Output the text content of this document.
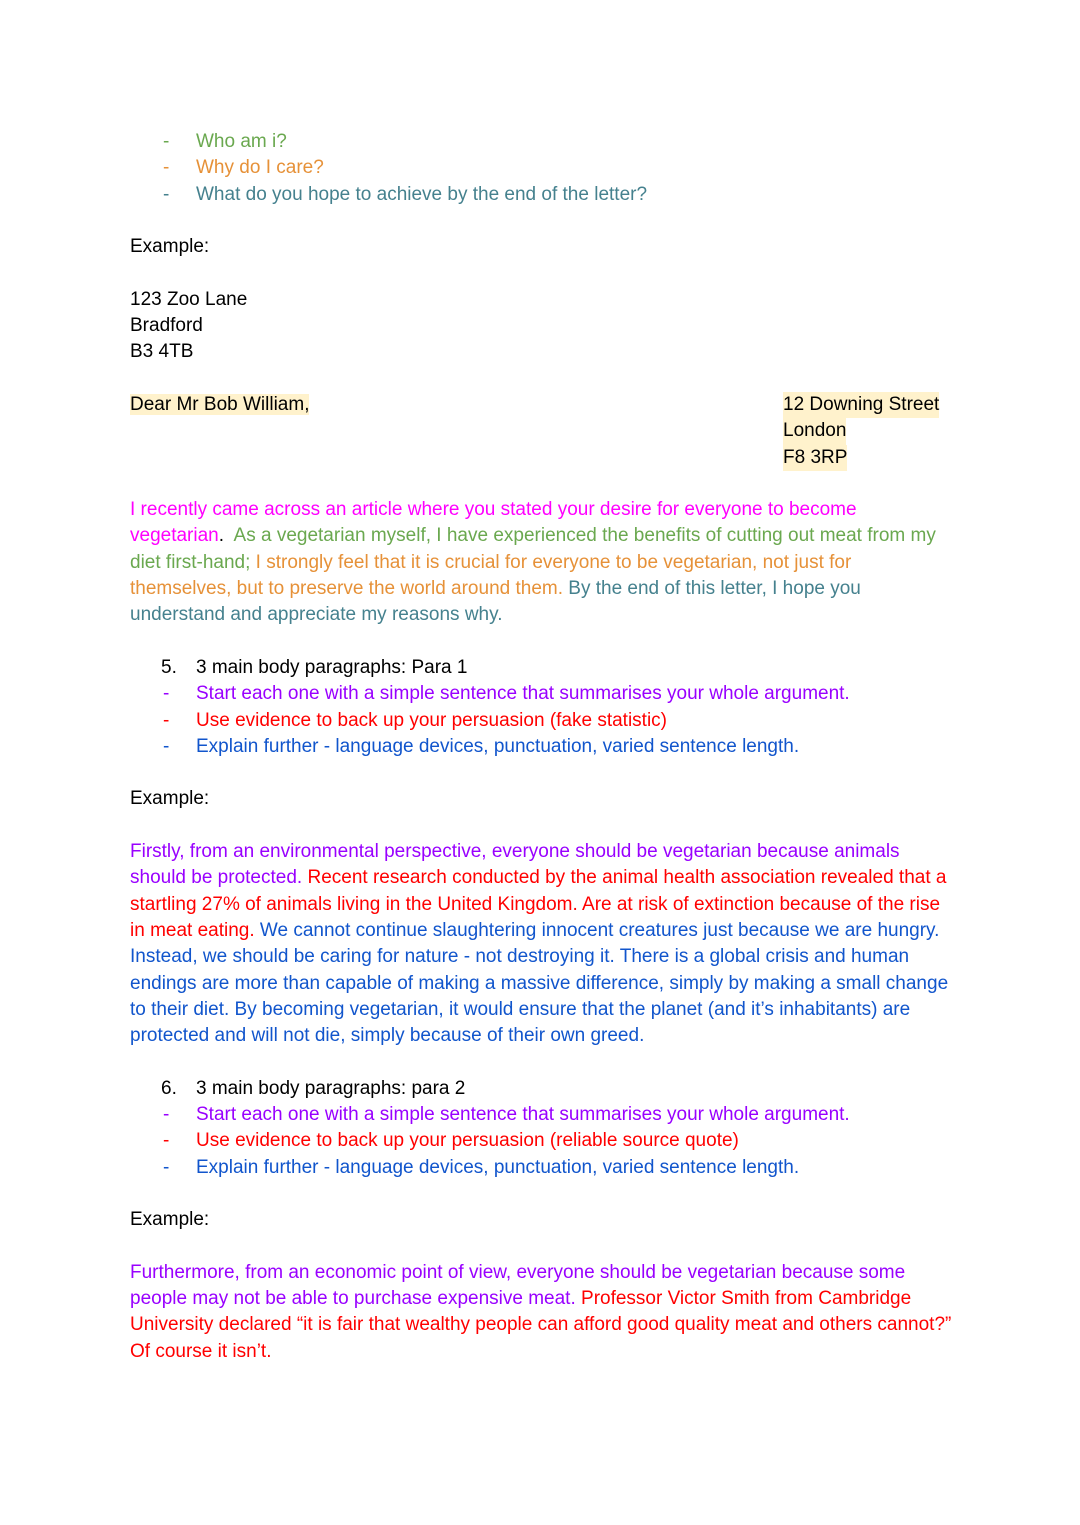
- Who am i?
- Why do I care?
- What do you hope to achieve by the end of the letter?
Example:
123 Zoo Lane
Bradford
B3 4TB
Dear Mr Bob William,	12 Downing Street
London
F8 3RP
I recently came across an article where you stated your desire for everyone to become vegetarian.  As a vegetarian myself, I have experienced the benefits of cutting out meat from my diet first-hand; I strongly feel that it is crucial for everyone to be vegetarian, not just for themselves, but to preserve the world around them. By the end of this letter, I hope you understand and appreciate my reasons why.
5. 3 main body paragraphs: Para 1
- Start each one with a simple sentence that summarises your whole argument.
- Use evidence to back up your persuasion (fake statistic)
- Explain further - language devices, punctuation, varied sentence length.
Example:
Firstly, from an environmental perspective, everyone should be vegetarian because animals should be protected. Recent research conducted by the animal health association revealed that a startling 27% of animals living in the United Kingdom. Are at risk of extinction because of the rise in meat eating. We cannot continue slaughtering innocent creatures just because we are hungry. Instead, we should be caring for nature - not destroying it. There is a global crisis and human endings are more than capable of making a massive difference, simply by making a small change to their diet. By becoming vegetarian, it would ensure that the planet (and it’s inhabitants) are protected and will not die, simply because of their own greed.
6. 3 main body paragraphs: para 2
- Start each one with a simple sentence that summarises your whole argument.
- Use evidence to back up your persuasion (reliable source quote)
- Explain further - language devices, punctuation, varied sentence length.
Example:
Furthermore, from an economic point of view, everyone should be vegetarian because some people may not be able to purchase expensive meat. Professor Victor Smith from Cambridge University declared “it is fair that wealthy people can afford good quality meat and others cannot?” Of course it isn’t.
